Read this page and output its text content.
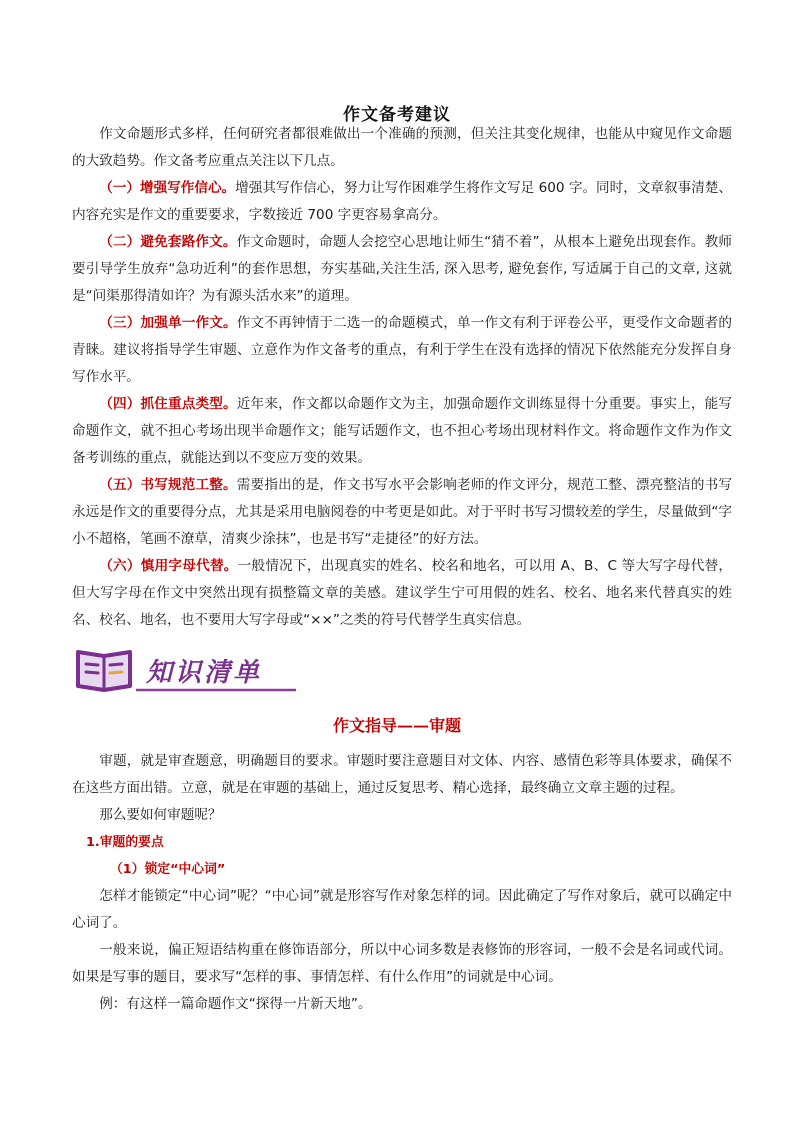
作文备考建议

作文命题形式多样，任何研究者都很难做出一个准确的预测，但关注其变化规律，也能从中窥见作文命题的大致趋势。作文备考应重点关注以下几点。

（一）增强写作信心。增强其写作信心，努力让写作困难学生将作文写足 600 字。同时，文章叙事清楚、内容充实是作文的重要要求，字数接近 700 字更容易拿高分。

（二）避免套路作文。作文命题时，命题人会挖空心思地让师生“猜不着”，从根本上避免出现套作。教师要引导学生放弃“急功近利”的套作思想，夯实基础,关注生活, 深入思考, 避免套作, 写适属于自己的文章, 这就是“问渠那得清如许？为有源头活水来”的道理。

（三）加强单一作文。作文不再钟情于二选一的命题模式，单一作文有利于评卷公平，更受作文命题者的青睐。建议将指导学生审题、立意作为作文备考的重点，有利于学生在没有选择的情况下依然能充分发挥自身写作水平。

（四）抓住重点类型。近年来，作文都以命题作文为主，加强命题作文训练显得十分重要。事实上，能写命题作文，就不担心考场出现半命题作文；能写话题作文，也不担心考场出现材料作文。将命题作文作为作文备考训练的重点，就能达到以不变应万变的效果。

（五）书写规范工整。需要指出的是，作文书写水平会影响老师的作文评分，规范工整、漂亮整洁的书写永远是作文的重要得分点，尤其是采用电脑阅卷的中考更是如此。对于平时书写习惯较差的学生，尽量做到“字小不超格，笔画不潦草，清爽少涂抹”，也是书写“走捷径”的好方法。

（六）慎用字母代替。一般情况下，出现真实的姓名、校名和地名，可以用 A、B、C 等大写字母代替，但大写字母在作文中突然出现有损整篇文章的美感。建议学生宁可用假的姓名、校名、地名来代替真实的姓名、校名、地名，也不要用大写字母或“××”之类的符号代替学生真实信息。

知识清单
作文指导——审题

审题，就是审查题意，明确题目的要求。审题时要注意题目对文体、内容、感情色彩等具体要求，确保不在这些方面出错。立意，就是在审题的基础上，通过反复思考、精心选择，最终确立文章主题的过程。

那么要如何审题呢？

1.审题的要点

（1）锁定“中心词”

怎样才能锁定“中心词”呢？“中心词”就是形容写作对象怎样的词。因此确定了写作对象后，就可以确定中心词了。

一般来说，偏正短语结构重在修饰语部分，所以中心词多数是表修饰的形容词，一般不会是名词或代词。如果是写事的题目，要求写“怎样的事、事情怎样、有什么作用”的词就是中心词。

例：有这样一篇命题作文“探得一片新天地”。
